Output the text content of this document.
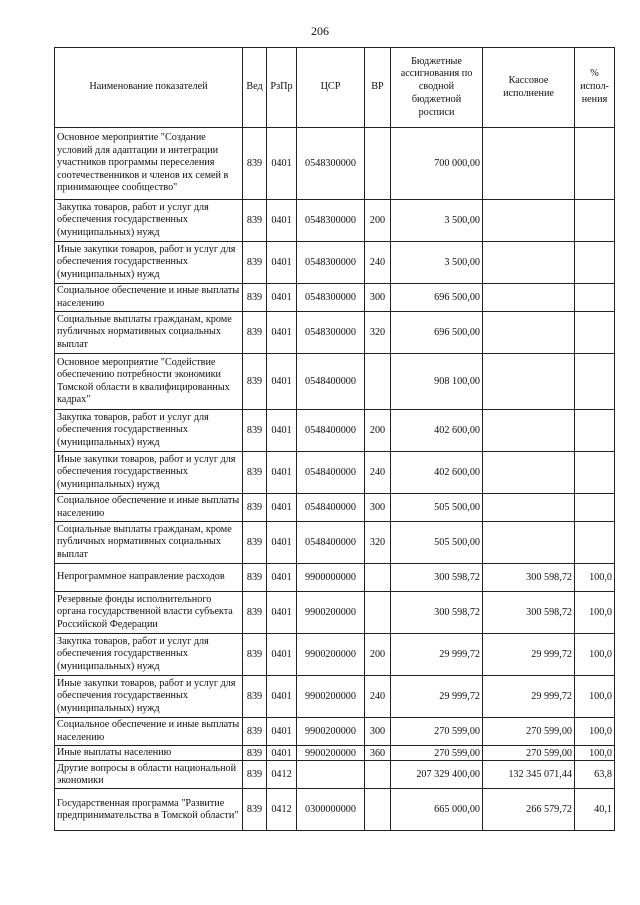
206
Наименование показателей	Вед	РзПр	ЦСР	ВР	Бюджетные ассигнования по сводной бюджетной росписи	Кассовое исполнение	% испол-нения
Основное мероприятие "Создание условий для адаптации и интеграции участников программы переселения соотечественников и членов их семей в принимающее сообщество"	839	0401	0548300000		700 000,00		
Закупка товаров, работ и услуг для обеспечения государственных (муниципальных) нужд	839	0401	0548300000	200	3 500,00		
Иные закупки товаров, работ и услуг для обеспечения государственных (муниципальных) нужд	839	0401	0548300000	240	3 500,00		
Социальное обеспечение и иные выплаты населению	839	0401	0548300000	300	696 500,00		
Социальные выплаты гражданам, кроме публичных нормативных социальных выплат	839	0401	0548300000	320	696 500,00		
Основное мероприятие "Содействие обеспечению потребности экономики Томской области в квалифицированных кадрах"	839	0401	0548400000		908 100,00		
Закупка товаров, работ и услуг для обеспечения государственных (муниципальных) нужд	839	0401	0548400000	200	402 600,00		
Иные закупки товаров, работ и услуг для обеспечения государственных (муниципальных) нужд	839	0401	0548400000	240	402 600,00		
Социальное обеспечение и иные выплаты населению	839	0401	0548400000	300	505 500,00		
Социальные выплаты гражданам, кроме публичных нормативных социальных выплат	839	0401	0548400000	320	505 500,00		
Непрограммное направление расходов	839	0401	9900000000		300 598,72	300 598,72	100,0
Резервные фонды исполнительного органа государственной власти субъекта Российской Федерации	839	0401	9900200000		300 598,72	300 598,72	100,0
Закупка товаров, работ и услуг для обеспечения государственных (муниципальных) нужд	839	0401	9900200000	200	29 999,72	29 999,72	100,0
Иные закупки товаров, работ и услуг для обеспечения государственных (муниципальных) нужд	839	0401	9900200000	240	29 999,72	29 999,72	100,0
Социальное обеспечение и иные выплаты населению	839	0401	9900200000	300	270 599,00	270 599,00	100,0
Иные выплаты населению	839	0401	9900200000	360	270 599,00	270 599,00	100,0
Другие вопросы в области национальной экономики	839	0412			207 329 400,00	132 345 071,44	63,8
Государственная программа "Развитие предпринимательства в Томской области"	839	0412	0300000000		665 000,00	266 579,72	40,1
